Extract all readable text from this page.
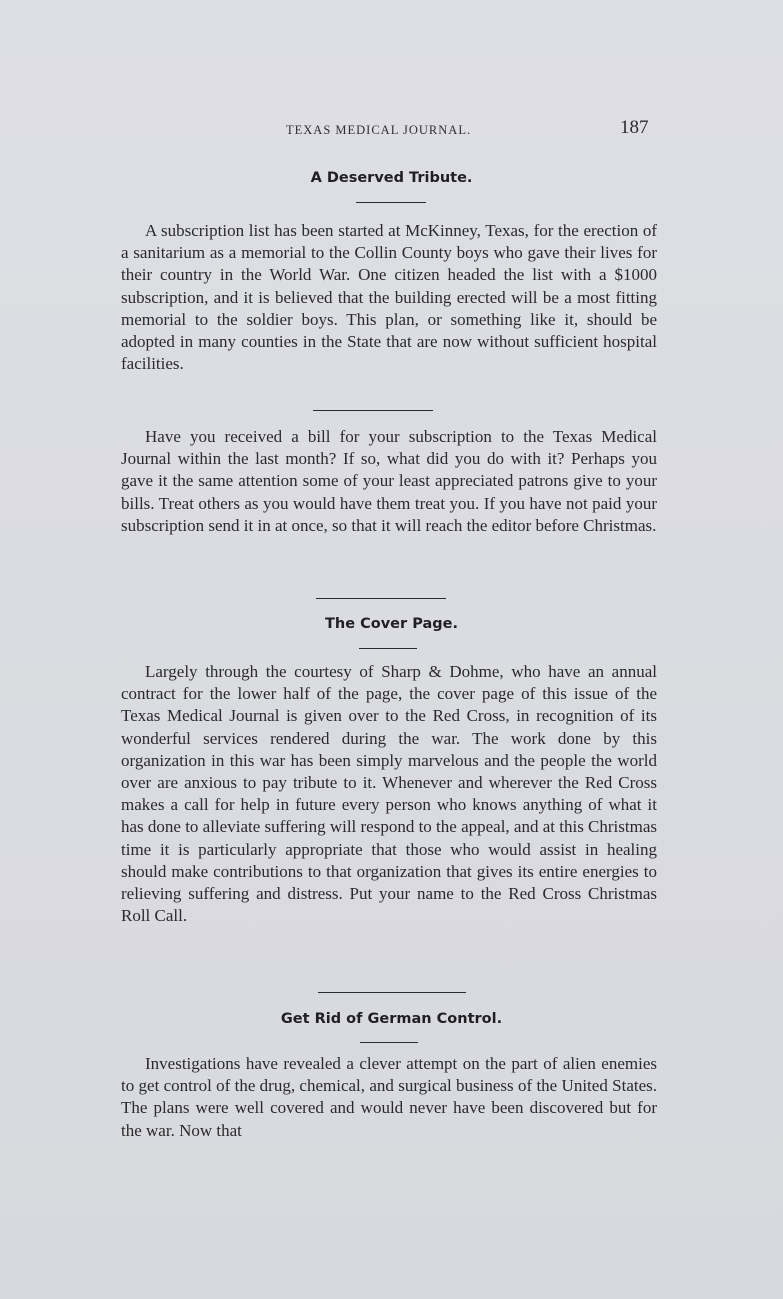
TEXAS MEDICAL JOURNAL.	187
A Deserved Tribute.

A subscription list has been started at McKinney, Texas, for the erection of a sanitarium as a memorial to the Collin County boys who gave their lives for their country in the World War. One citizen headed the list with a $1000 subscription, and it is believed that the building erected will be a most fitting memorial to the soldier boys. This plan, or something like it, should be adopted in many counties in the State that are now without sufficient hospital facilities.

Have you received a bill for your subscription to the Texas Medical Journal within the last month? If so, what did you do with it? Perhaps you gave it the same attention some of your least appreciated patrons give to your bills. Treat others as you would have them treat you. If you have not paid your subscription send it in at once, so that it will reach the editor before Christmas.

The Cover Page.

Largely through the courtesy of Sharp & Dohme, who have an annual contract for the lower half of the page, the cover page of this issue of the Texas Medical Journal is given over to the Red Cross, in recognition of its wonderful services rendered during the war. The work done by this organization in this war has been simply marvelous and the people the world over are anxious to pay tribute to it. Whenever and wherever the Red Cross makes a call for help in future every person who knows anything of what it has done to alleviate suffering will respond to the appeal, and at this Christmas time it is particularly appropriate that those who would assist in healing should make contributions to that organization that gives its entire energies to relieving suffering and distress. Put your name to the Red Cross Christmas Roll Call.

Get Rid of German Control.

Investigations have revealed a clever attempt on the part of alien enemies to get control of the drug, chemical, and surgical business of the United States. The plans were well covered and would never have been discovered but for the war. Now that
